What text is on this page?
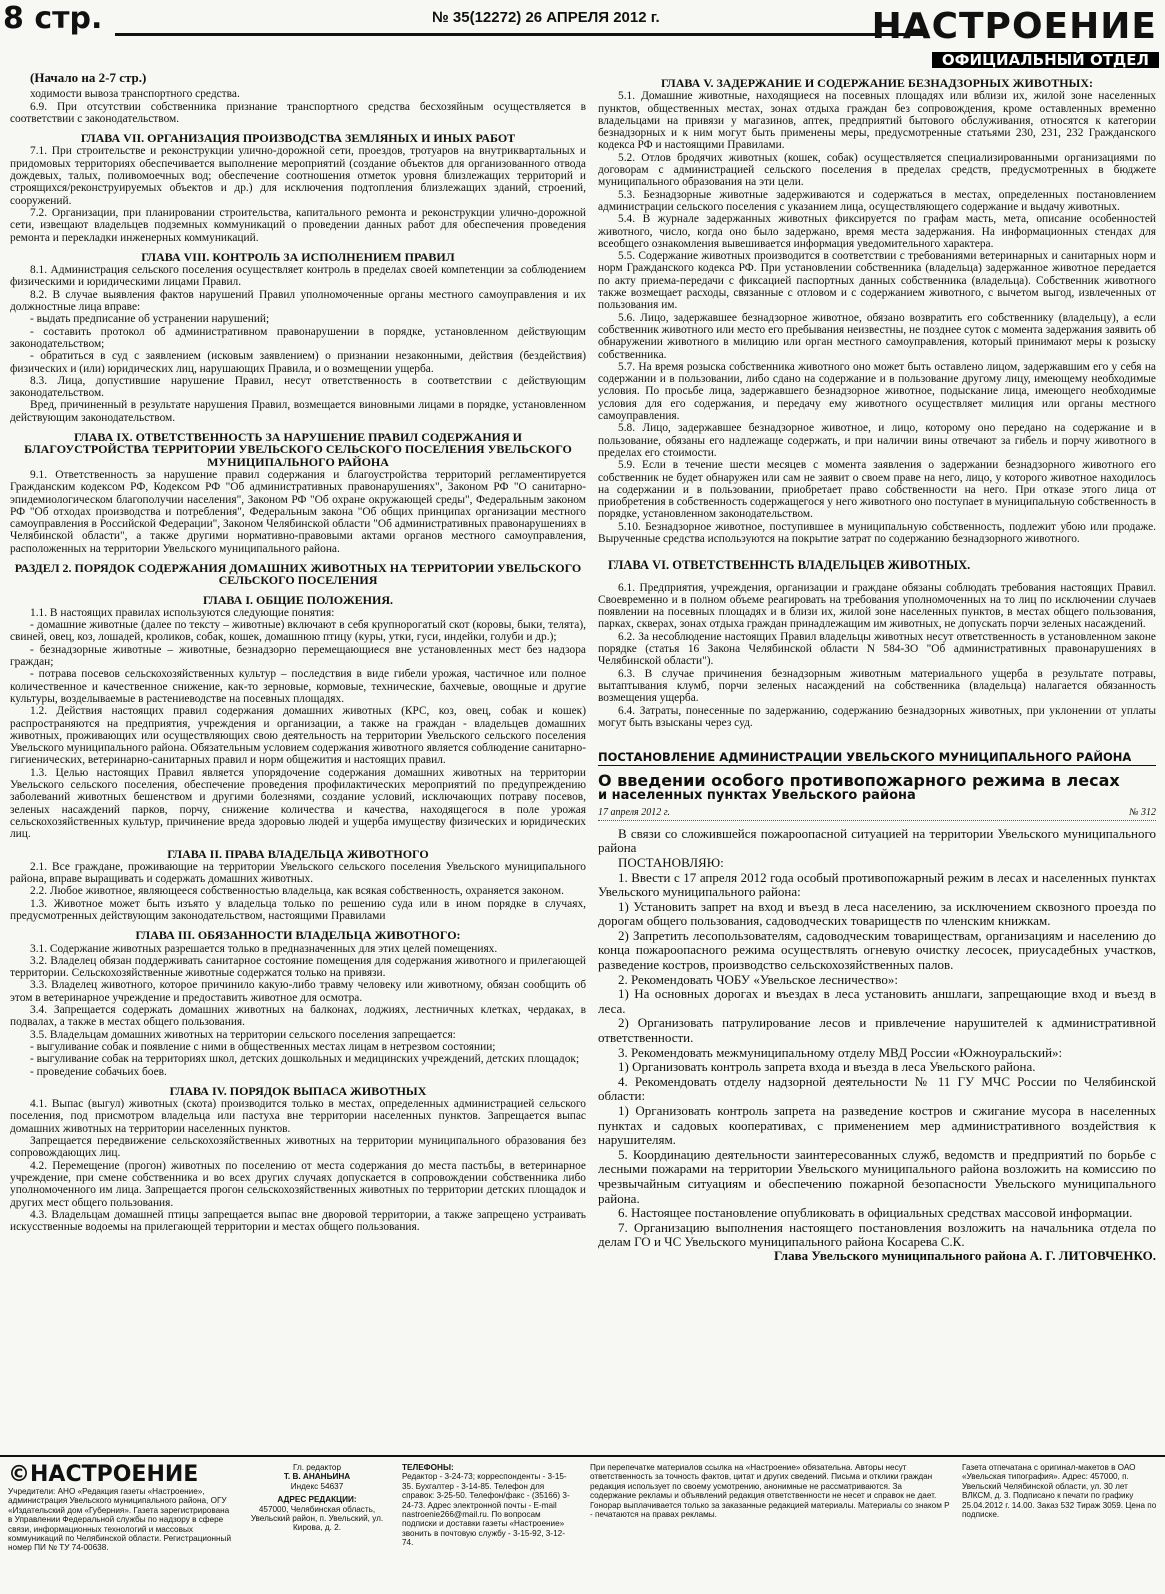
8 стр.	№ 35(12272) 26 АПРЕЛЯ 2012 г.	НАСТРОЕНИЕ
ОФИЦИАЛЬНЫЙ ОТДЕЛ

(Начало на 2-7 стр.)

ходимости вывоза транспортного средства.

6.9. При отсутствии собственника признание транспортного средства бесхозяйным осуществляется в соответствии с законодательством.

ГЛАВА VII. ОРГАНИЗАЦИЯ ПРОИЗВОДСТВА ЗЕМЛЯНЫХ И ИНЫХ РАБОТ

7.1. При строительстве и реконструкции улично-дорожной сети, проездов, тротуаров на внутриквартальных и придомовых территориях обеспечивается выполнение мероприятий (создание объектов для организованного отвода дождевых, талых, поливомоечных вод; обеспечение соотношения отметок уровня близлежащих территорий и строящихся/реконструируемых объектов и др.) для исключения подтопления близлежащих зданий, строений, сооружений.

7.2. Организации, при планировании строительства, капитального ремонта и реконструкции улично-дорожной сети, извещают владельцев подземных коммуникаций о проведении данных работ для обеспечения проведения ремонта и перекладки инженерных коммуникаций.

ГЛАВА VIII. КОНТРОЛЬ ЗА ИСПОЛНЕНИЕМ ПРАВИЛ

8.1. Администрация сельского поселения осуществляет контроль в пределах своей компетенции за соблюдением физическими и юридическими лицами Правил.

8.2. В случае выявления фактов нарушений Правил уполномоченные органы местного самоуправления и их должностные лица вправе:

- выдать предписание об устранении нарушений;

- составить протокол об административном правонарушении в порядке, установленном действующим законодательством;

- обратиться в суд с заявлением (исковым заявлением) о признании незаконными, действия (бездействия) физических и (или) юридических лиц, нарушающих Правила, и о возмещении ущерба.

8.3. Лица, допустившие нарушение Правил, несут ответственность в соответствии с действующим законодательством.

Вред, причиненный в результате нарушения Правил, возмещается виновными лицами в порядке, установленном действующим законодательством.

ГЛАВА IX. ОТВЕТСТВЕННОСТЬ ЗА НАРУШЕНИЕ ПРАВИЛ СОДЕРЖАНИЯ И БЛАГОУСТРОЙСТВА ТЕРРИТОРИИ УВЕЛЬСКОГО СЕЛЬСКОГО ПОСЕЛЕНИЯ УВЕЛЬСКОГО МУНИЦИПАЛЬНОГО РАЙОНА

9.1. Ответственность за нарушение правил содержания и благоустройства территорий регламентируется Гражданским кодексом РФ, Кодексом РФ "Об административных правонарушениях", Законом РФ "О санитарно-эпидемиологическом благополучии населения", Законом РФ "Об охране окружающей среды", Федеральным законом РФ "Об отходах производства и потребления", Федеральным закона "Об общих принципах организации местного самоуправления в Российской Федерации", Законом Челябинской области "Об административных правонарушениях в Челябинской области", а также другими нормативно-правовыми актами органов местного самоуправления, расположенных на территории Увельского муниципального района.

РАЗДЕЛ 2. ПОРЯДОК СОДЕРЖАНИЯ ДОМАШНИХ ЖИВОТНЫХ НА ТЕРРИТОРИИ УВЕЛЬСКОГО СЕЛЬСКОГО ПОСЕЛЕНИЯ

ГЛАВА I. ОБЩИЕ ПОЛОЖЕНИЯ.

1.1. В настоящих правилах используются следующие понятия:

- домашние животные (далее по тексту – животные) включают в себя крупнорогатый скот (коровы, быки, телята), свиней, овец, коз, лошадей, кроликов, собак, кошек, домашнюю птицу (куры, утки, гуси, индейки, голуби и др.);

- безнадзорные животные – животные, безнадзорно перемещающиеся вне установленных мест без надзора граждан;

- потрава посевов сельскохозяйственных культур – последствия в виде гибели урожая, частичное или полное количественное и качественное снижение, как-то зерновые, кормовые, технические, бахчевые, овощные и другие культуры, возделываемые в растениеводстве на посевных площадях.

1.2. Действия настоящих правил содержания домашних животных (КРС, коз, овец, собак и кошек) распространяются на предприятия, учреждения и организации, а также на граждан - владельцев домашних животных, проживающих или осуществляющих свою деятельность на территории Увельского сельского поселения Увельского муниципального района. Обязательным условием содержания животного является соблюдение санитарно-гигиенических, ветеринарно-санитарных правил и норм общежития и настоящих правил.

1.3. Целью настоящих Правил является упорядочение содержания домашних животных на территории Увельского сельского поселения, обеспечение проведения профилактических мероприятий по предупреждению заболеваний животных бешенством и другими болезнями, создание условий, исключающих потраву посевов, зеленых насаждений парков, порчу, снижение количества и качества, находящегося в поле урожая сельскохозяйственных культур, причинение вреда здоровью людей и ущерба имуществу физических и юридических лиц.

ГЛАВА II. ПРАВА ВЛАДЕЛЬЦА ЖИВОТНОГО

2.1. Все граждане, проживающие на территории Увельского сельского поселения Увельского муниципального района, вправе выращивать и содержать домашних животных.

2.2. Любое животное, являющееся собственностью владельца, как всякая собственность, охраняется законом.

1.3. Животное может быть изъято у владельца только по решению суда или в ином порядке в случаях, предусмотренных действующим законодательством, настоящими Правилами

ГЛАВА III. ОБЯЗАННОСТИ ВЛАДЕЛЬЦА ЖИВОТНОГО:

3.1. Содержание животных разрешается только в предназначенных для этих целей помещениях.

3.2. Владелец обязан поддерживать санитарное состояние помещения для содержания животного и прилегающей территории. Сельскохозяйственные животные содержатся только на привязи.

3.3. Владелец животного, которое причинило какую-либо травму человеку или животному, обязан сообщить об этом в ветеринарное учреждение и предоставить животное для осмотра.

3.4. Запрещается содержать домашних животных на балконах, лоджиях, лестничных клетках, чердаках, в подвалах, а также в местах общего пользования.

3.5. Владельцам домашних животных на территории сельского поселения запрещается:

- выгуливание собак и появление с ними в общественных местах лицам в нетрезвом состоянии;

- выгуливание собак на территориях школ, детских дошкольных и медицинских учреждений, детских площадок;

- проведение собачьих боев.

ГЛАВА IV. ПОРЯДОК ВЫПАСА ЖИВОТНЫХ

4.1. Выпас (выгул) животных (скота) производится только в местах, определенных администрацией сельского поселения, под присмотром владельца или пастуха вне территории населенных пунктов. Запрещается выпас домашних животных на территории населенных пунктов.

Запрещается передвижение сельскохозяйственных животных на территории муниципального образования без сопровождающих лиц.

4.2. Перемещение (прогон) животных по поселению от места содержания до места пастьбы, в ветеринарное учреждение, при смене собственника и во всех других случаях допускается в сопровождении собственника либо уполномоченного им лица. Запрещается прогон сельскохозяйственных животных по территории детских площадок и других мест общего пользования.

4.3. Владельцам домашней птицы запрещается выпас вне дворовой территории, а также запрещено устраивать искусственные водоемы на прилегающей территории и местах общего пользования.

ГЛАВА V. ЗАДЕРЖАНИЕ И СОДЕРЖАНИЕ БЕЗНАДЗОРНЫХ ЖИВОТНЫХ:

5.1. Домашние животные, находящиеся на посевных площадях или вблизи их, жилой зоне населенных пунктов, общественных местах, зонах отдыха граждан без сопровождения, кроме оставленных временно владельцами на привязи у магазинов, аптек, предприятий бытового обслуживания, относятся к категории безнадзорных и к ним могут быть применены меры, предусмотренные статьями 230, 231, 232 Гражданского кодекса РФ и настоящими Правилами.

5.2. Отлов бродячих животных (кошек, собак) осуществляется специализированными организациями по договорам с администрацией сельского поселения в пределах средств, предусмотренных в бюджете муниципального образования на эти цели.

5.3. Безнадзорные животные задерживаются и содержаться в местах, определенных постановлением администрации сельского поселения с указанием лица, осуществляющего содержание и выдачу животных.

5.4. В журнале задержанных животных фиксируется по графам масть, мета, описание особенностей животного, число, когда оно было задержано, время места задержания. На информационных стендах для всеобщего ознакомления вывешивается информация уведомительного характера.

5.5. Содержание животных производится в соответствии с требованиями ветеринарных и санитарных норм и норм Гражданского кодекса РФ. При установлении собственника (владельца) задержанное животное передается по акту приема-передачи с фиксацией паспортных данных собственника (владельца). Собственник животного также возмещает расходы, связанные с отловом и с содержанием животного, с вычетом выгод, извлеченных от пользования им.

5.6. Лицо, задержавшее безнадзорное животное, обязано возвратить его собственнику (владельцу), а если собственник животного или место его пребывания неизвестны, не позднее суток с момента задержания заявить об обнаружении животного в милицию или орган местного самоуправления, который принимают меры к розыску собственника.

5.7. На время розыска собственника животного оно может быть оставлено лицом, задержавшим его у себя на содержании и в пользовании, либо сдано на содержание и в пользование другому лицу, имеющему необходимые условия. По просьбе лица, задержавшего безнадзорное животное, подыскание лица, имеющего необходимые условия для его содержания, и передачу ему животного осуществляет милиция или органы местного самоуправления.

5.8. Лицо, задержавшее безнадзорное животное, и лицо, которому оно передано на содержание и в пользование, обязаны его надлежаще содержать, и при наличии вины отвечают за гибель и порчу животного в пределах его стоимости.

5.9. Если в течение шести месяцев с момента заявления о задержании безнадзорного животного его собственник не будет обнаружен или сам не заявит о своем праве на него, лицо, у которого животное находилось на содержании и в пользовании, приобретает право собственности на него. При отказе этого лица от приобретения в собственность содержащегося у него животного оно поступает в муниципальную собственность в порядке, установленном законодательством.

5.10. Безнадзорное животное, поступившее в муниципальную собственность, подлежит убою или продаже. Вырученные средства используются на покрытие затрат по содержанию безнадзорного животного.

ГЛАВА VI. ОТВЕТСТВЕННСТЬ ВЛАДЕЛЬЦЕВ ЖИВОТНЫХ.

6.1. Предприятия, учреждения, организации и граждане обязаны соблюдать требования настоящих Правил. Своевременно и в полном объеме реагировать на требования уполномоченных на то лиц по исключении случаев появлении на посевных площадях и в близи их, жилой зоне населенных пунктов, в местах общего пользования, парках, скверах, зонах отдыха граждан принадлежащим им животных, не допускать порчи зеленых насаждений.

6.2. За несоблюдение настоящих Правил владельцы животных несут ответственность в установленном законе порядке (статья 16 Закона Челябинской области N 584-ЗО "Об административных правонарушениях в Челябинской области").

6.3. В случае причинения безнадзорным животным материального ущерба в результате потравы, вытаптывания клумб, порчи зеленых насаждений на собственника (владельца) налагается обязанность возмещения ущерба.

6.4. Затраты, понесенные по задержанию, содержанию безнадзорных животных, при уклонении от уплаты могут быть взысканы через суд.

ПОСТАНОВЛЕНИЕ АДМИНИСТРАЦИИ УВЕЛЬСКОГО МУНИЦИПАЛЬНОГО РАЙОНА
О введении особого противопожарного режима в лесах
и населенных пунктах Увельского района
17 апреля 2012 г.	№ 312

В связи со сложившейся пожароопасной ситуацией на территории Увельского муниципального района

ПОСТАНОВЛЯЮ:

1. Ввести с 17 апреля 2012 года особый противопожарный режим в лесах и населенных пунктах Увельского муниципального района:

1) Установить запрет на вход и въезд в леса населению, за исключением сквозного проезда по дорогам общего пользования, садоводческих товариществ по членским книжкам.

2) Запретить лесопользователям, садоводческим товариществам, организациям и населению до конца пожароопасного режима осуществлять огневую очистку лесосек, приусадебных участков, разведение костров, производство сельскохозяйственных палов.

2. Рекомендовать ЧОБУ «Увельское лесничество»:

1) На основных дорогах и въездах в леса установить аншлаги, запрещающие вход и въезд в леса.

2) Организовать патрулирование лесов и привлечение нарушителей к административной ответственности.

3. Рекомендовать межмуниципальному отделу МВД России «Южноуральский»:

1) Организовать контроль запрета входа и въезда в леса Увельского района.

4. Рекомендовать отделу надзорной деятельности № 11 ГУ МЧС России по Челябинской области:

1) Организовать контроль запрета на разведение костров и сжигание мусора в населенных пунктах и садовых кооперативах, с применением мер административного воздействия к нарушителям.

5. Координацию деятельности заинтересованных служб, ведомств и предприятий по борьбе с лесными пожарами на территории Увельского муниципального района возложить на комиссию по чрезвычайным ситуациям и обеспечению пожарной безопасности Увельского муниципального района.

6. Настоящее постановление опубликовать в официальных средствах массовой информации.

7. Организацию выполнения настоящего постановления возложить на начальника отдела по делам ГО и ЧС Увельского муниципального района Косарева С.К.

Глава Увельского муниципального района А. Г. ЛИТОВЧЕНКО.

©НАСТРОЕНИЕ
Учредители: АНО «Редакция газеты «Настроение», администрация Увельского муниципального района, ОГУ «Издательский дом «Губерния». Газета зарегистрирована в Управлении Федеральной службы по надзору в сфере связи, информационных технологий и массовых коммуникаций по Челябинской области. Регистрационный номер ПИ № ТУ 74-00638.
Гл. редактор
Т. В. АНАНЬИНА
Индекс 54637
АДРЕС РЕДАКЦИИ:
457000, Челябинская область, Увельский район, п. Увельский, ул. Кирова, д. 2.
ТЕЛЕФОНЫ:
Редактор - 3-24-73; корреспонденты - 3-15-35. Бухгалтер - 3-14-85. Телефон для справок: 3-25-50. Телефон/факс - (35166) 3-24-73. Адрес электронной почты - E-mail nastroenie266@mail.ru. По вопросам подписки и доставки газеты «Настроение» звонить в почтовую службу - 3-15-92, 3-12-74.
При перепечатке материалов ссылка на «Настроение» обязательна. Авторы несут ответственность за точность фактов, цитат и других сведений. Письма и отклики граждан редакция использует по своему усмотрению, анонимные не рассматриваются. За содержание рекламы и объявлений редакция ответственности не несет и справок не дает. Гонорар выплачивается только за заказанные редакцией материалы. Материалы со знаком Р - печатаются на правах рекламы.
Газета отпечатана с оригинал-макетов в ОАО «Увельская типография». Адрес: 457000, п. Увельский Челябинской области, ул. 30 лет ВЛКСМ, д. 3. Подписано к печати по графику 25.04.2012 г. 14.00. Заказ 532 Тираж 3059. Цена по подписке.
